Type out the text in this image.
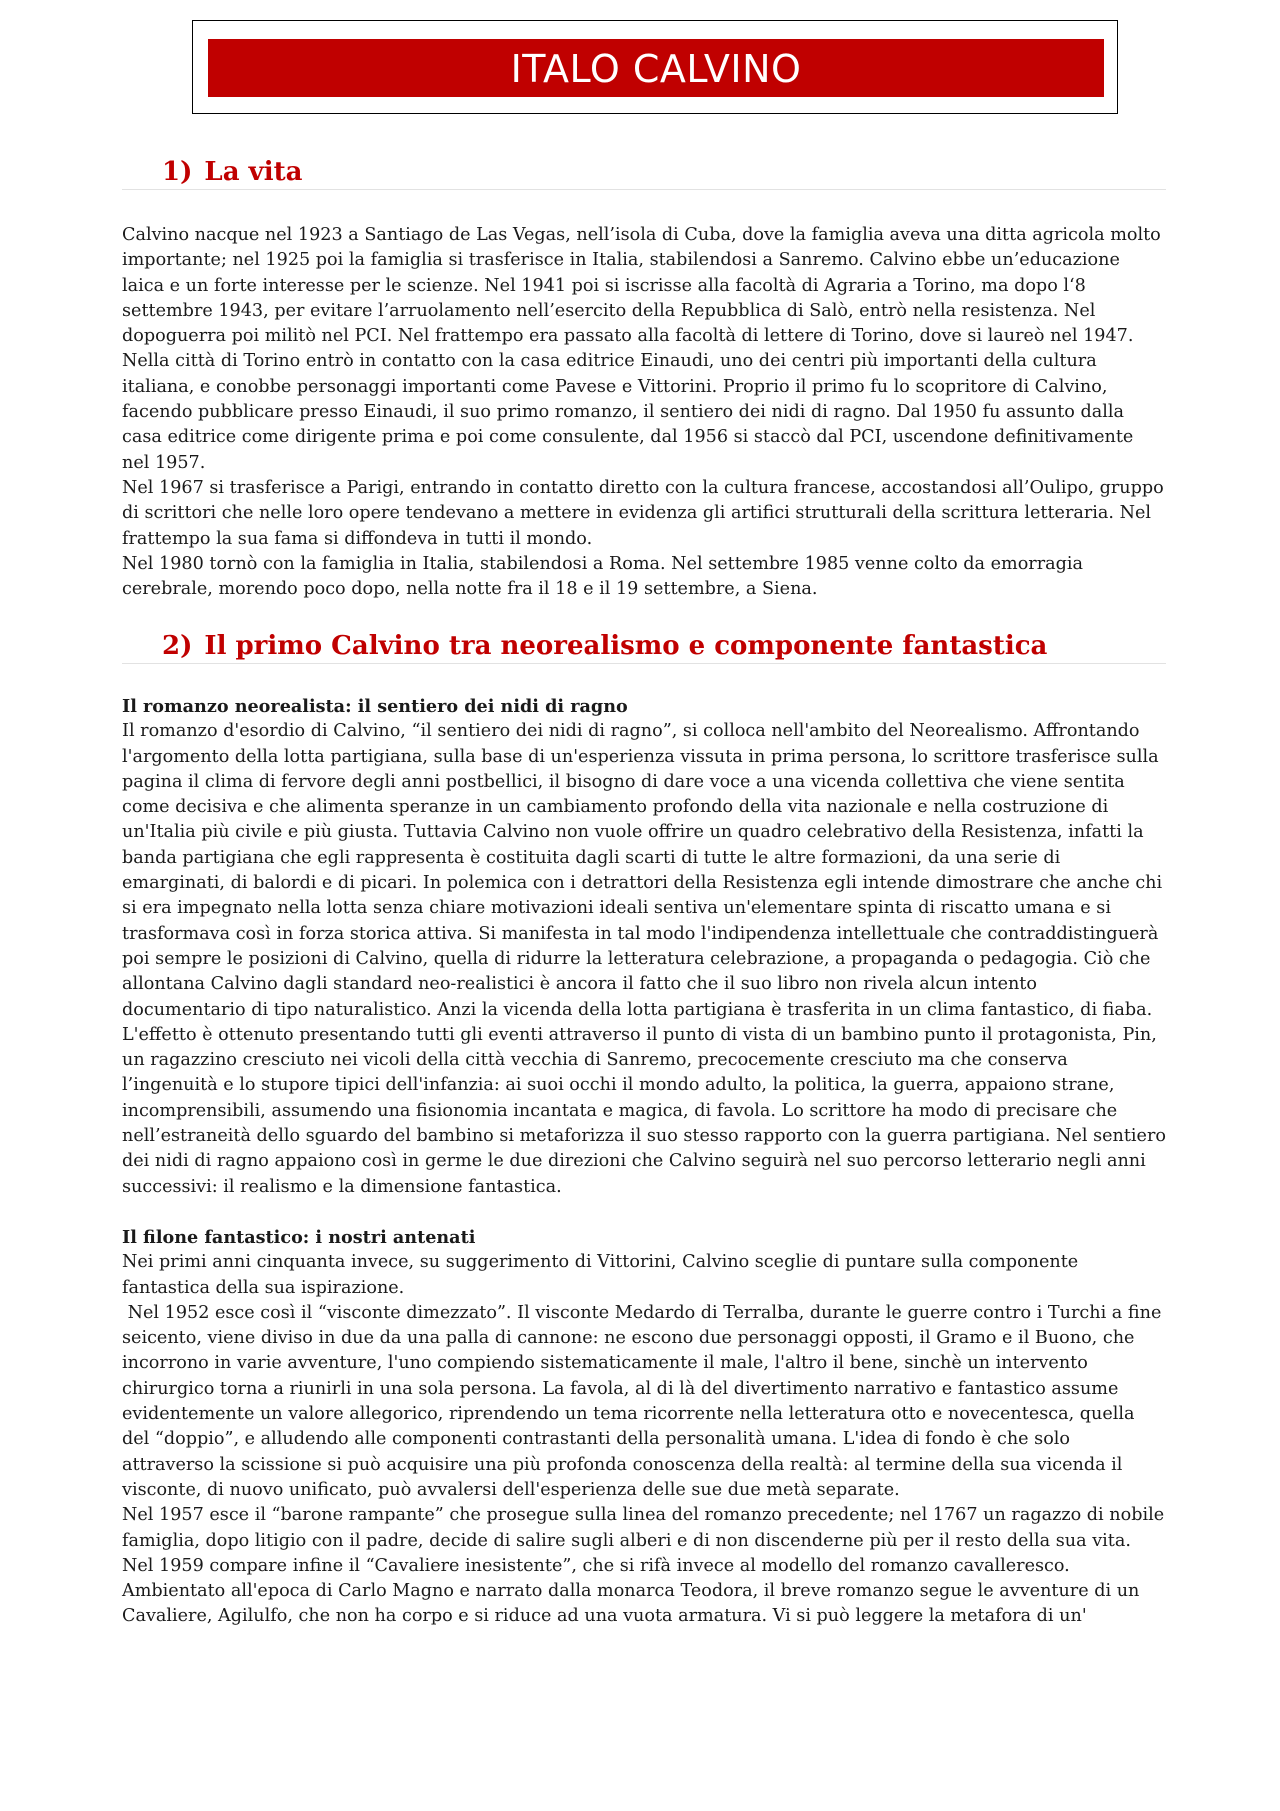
ITALO CALVINO
1) La vita

Calvino nacque nel 1923 a Santiago de Las Vegas, nell’isola di Cuba, dove la famiglia aveva una ditta agricola molto importante; nel 1925 poi la famiglia si trasferisce in Italia, stabilendosi a Sanremo. Calvino ebbe un’educazione laica e un forte interesse per le scienze. Nel 1941 poi si iscrisse alla facoltà di Agraria a Torino, ma dopo l‘8 settembre 1943, per evitare l’arruolamento nell’esercito della Repubblica di Salò, entrò nella resistenza. Nel dopoguerra poi militò nel PCI. Nel frattempo era passato alla facoltà di lettere di Torino, dove si laureò nel 1947. Nella città di Torino entrò in contatto con la casa editrice Einaudi, uno dei centri più importanti della cultura italiana, e conobbe personaggi importanti come Pavese e Vittorini. Proprio il primo fu lo scopritore di Calvino, facendo pubblicare presso Einaudi, il suo primo romanzo, il sentiero dei nidi di ragno. Dal 1950 fu assunto dalla casa editrice come dirigente prima e poi come consulente, dal 1956 si staccò dal PCI, uscendone definitivamente nel 1957.

Nel 1967 si trasferisce a Parigi, entrando in contatto diretto con la cultura francese, accostandosi all’Oulipo, gruppo di scrittori che nelle loro opere tendevano a mettere in evidenza gli artifici strutturali della scrittura letteraria. Nel frattempo la sua fama si diffondeva in tutti il mondo.

Nel 1980 tornò con la famiglia in Italia, stabilendosi a Roma. Nel settembre 1985 venne colto da emorragia cerebrale, morendo poco dopo, nella notte fra il 18 e il 19 settembre, a Siena.

2) Il primo Calvino tra neorealismo e componente fantastica

Il romanzo neorealista: il sentiero dei nidi di ragno

Il romanzo d'esordio di Calvino, “il sentiero dei nidi di ragno”, si colloca nell'ambito del Neorealismo. Affrontando l'argomento della lotta partigiana, sulla base di un'esperienza vissuta in prima persona, lo scrittore trasferisce sulla pagina il clima di fervore degli anni postbellici, il bisogno di dare voce a una vicenda collettiva che viene sentita come decisiva e che alimenta speranze in un cambiamento profondo della vita nazionale e nella costruzione di un'Italia più civile e più giusta. Tuttavia Calvino non vuole offrire un quadro celebrativo della Resistenza, infatti la banda partigiana che egli rappresenta è costituita dagli scarti di tutte le altre formazioni, da una serie di emarginati, di balordi e di picari. In polemica con i detrattori della Resistenza egli intende dimostrare che anche chi si era impegnato nella lotta senza chiare motivazioni ideali sentiva un'elementare spinta di riscatto umana e si trasformava così in forza storica attiva. Si manifesta in tal modo l'indipendenza intellettuale che contraddistinguerà poi sempre le posizioni di Calvino, quella di ridurre la letteratura celebrazione, a propaganda o pedagogia. Ciò che allontana Calvino dagli standard neo-realistici è ancora il fatto che il suo libro non rivela alcun intento documentario di tipo naturalistico. Anzi la vicenda della lotta partigiana è trasferita in un clima fantastico, di fiaba.

L'effetto è ottenuto presentando tutti gli eventi attraverso il punto di vista di un bambino punto il protagonista, Pin, un ragazzino cresciuto nei vicoli della città vecchia di Sanremo, precocemente cresciuto ma che conserva l’ingenuità e lo stupore tipici dell'infanzia: ai suoi occhi il mondo adulto, la politica, la guerra, appaiono strane, incomprensibili, assumendo una fisionomia incantata e magica, di favola. Lo scrittore ha modo di precisare che nell’estraneità dello sguardo del bambino si metaforizza il suo stesso rapporto con la guerra partigiana. Nel sentiero dei nidi di ragno appaiono così in germe le due direzioni che Calvino seguirà nel suo percorso letterario negli anni successivi: il realismo e la dimensione fantastica.

Il filone fantastico: i nostri antenati

Nei primi anni cinquanta invece, su suggerimento di Vittorini, Calvino sceglie di puntare sulla componente fantastica della sua ispirazione.

Nel 1952 esce così il “visconte dimezzato”. Il visconte Medardo di Terralba, durante le guerre contro i Turchi a fine seicento, viene diviso in due da una palla di cannone: ne escono due personaggi opposti, il Gramo e il Buono, che incorrono in varie avventure, l'uno compiendo sistematicamente il male, l'altro il bene, sinchè un intervento chirurgico torna a riunirli in una sola persona. La favola, al di là del divertimento narrativo e fantastico assume evidentemente un valore allegorico, riprendendo un tema ricorrente nella letteratura otto e novecentesca, quella del “doppio”, e alludendo alle componenti contrastanti della personalità umana. L'idea di fondo è che solo attraverso la scissione si può acquisire una più profonda conoscenza della realtà: al termine della sua vicenda il visconte, di nuovo unificato, può avvalersi dell'esperienza delle sue due metà separate.

Nel 1957 esce il “barone rampante” che prosegue sulla linea del romanzo precedente; nel 1767 un ragazzo di nobile famiglia, dopo litigio con il padre, decide di salire sugli alberi e di non discenderne più per il resto della sua vita.

Nel 1959 compare infine il “Cavaliere inesistente”, che si rifà invece al modello del romanzo cavalleresco. Ambientato all'epoca di Carlo Magno e narrato dalla monarca Teodora, il breve romanzo segue le avventure di un Cavaliere, Agilulfo, che non ha corpo e si riduce ad una vuota armatura. Vi si può leggere la metafora di un'
